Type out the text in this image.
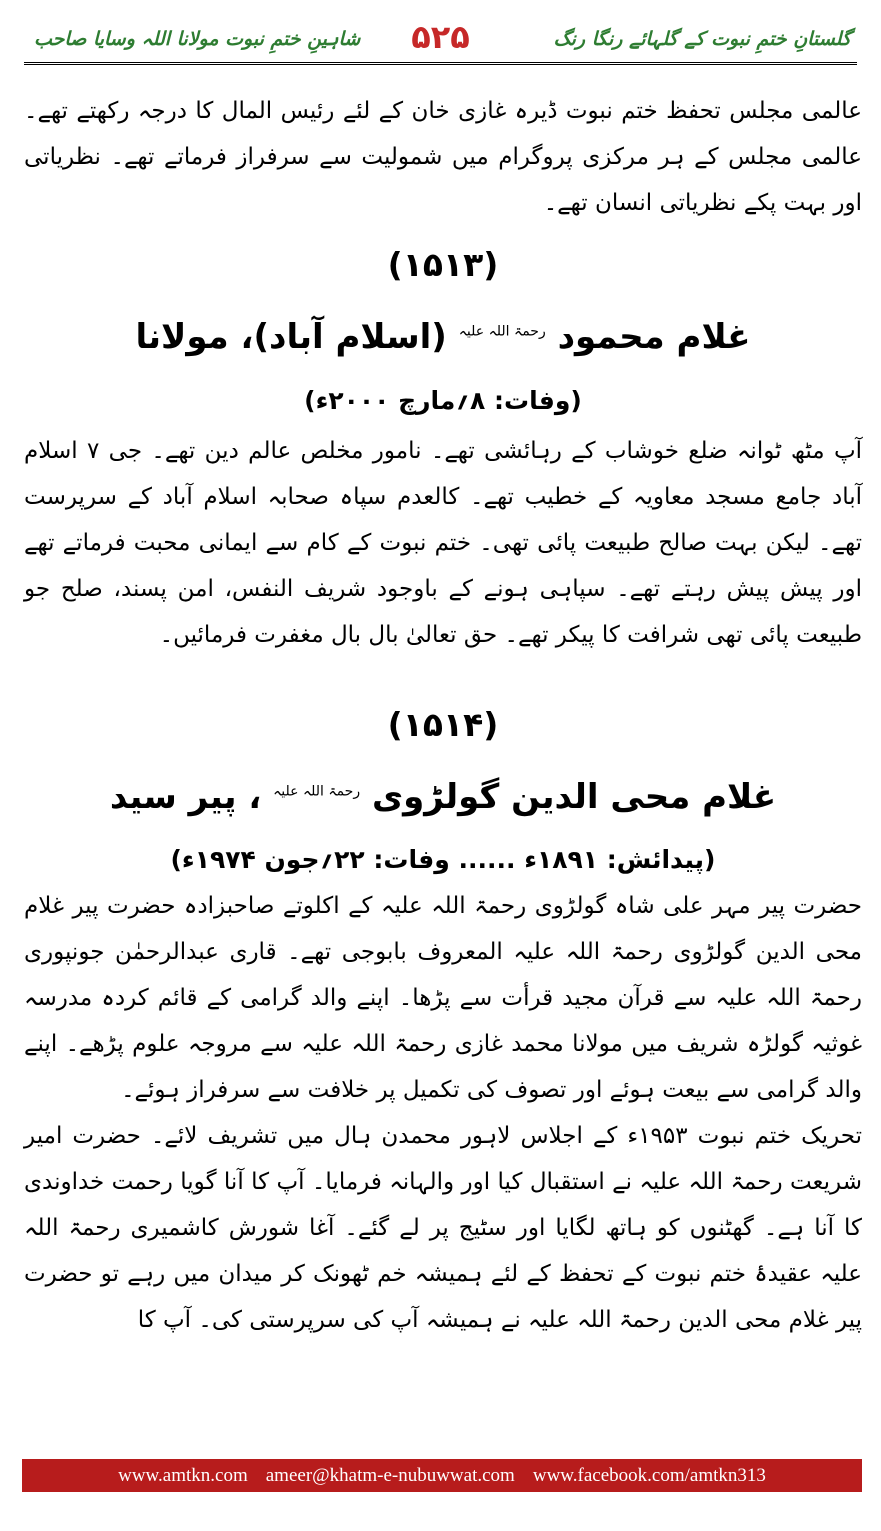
گلستانِ ختمِ نبوت کے گلہائے رنگا رنگ
۵۲۵
شاہینِ ختمِ نبوت مولانا اللہ وسایا صاحب

عالمی مجلس تحفظ ختم نبوت ڈیرہ غازی خان کے لئے رئیس المال کا درجہ رکھتے تھے۔ عالمی مجلس کے ہر مرکزی پروگرام میں شمولیت سے سرفراز فرماتے تھے۔ نظریاتی اور بہت پکے نظریاتی انسان تھے۔

(۱۵۱۳)

غلام محمود $^{رحمۃ اللہ علیہ}$ (اسلام آباد)، مولانا

(وفات: ۸؍مارچ ۲۰۰۰ء)

آپ مٹھ ٹوانہ ضلع خوشاب کے رہائشی تھے۔ نامور مخلص عالم دین تھے۔ جی ۷ اسلام آباد جامع مسجد معاویہ کے خطیب تھے۔ کالعدم سپاہ صحابہ اسلام آباد کے سرپرست تھے۔ لیکن بہت صالح طبیعت پائی تھی۔ ختم نبوت کے کام سے ایمانی محبت فرماتے تھے اور پیش پیش رہتے تھے۔ سپاہی ہونے کے باوجود شریف النفس، امن پسند، صلح جو طبیعت پائی تھی شرافت کا پیکر تھے۔ حق تعالیٰ بال بال مغفرت فرمائیں۔

(۱۵۱۴)

غلام محی الدین گولڑوی $^{رحمۃ اللہ علیہ}$ ، پیر سید

(پیدائش: ۱۸۹۱ء ...... وفات: ۲۲؍جون ۱۹۷۴ء)

حضرت پیر مہر علی شاہ گولڑوی رحمۃ اللہ علیہ کے اکلوتے صاحبزادہ حضرت پیر غلام محی الدین گولڑوی رحمۃ اللہ علیہ المعروف بابوجی تھے۔ قاری عبدالرحمٰن جونپوری رحمۃ اللہ علیہ سے قرآن مجید قرأت سے پڑھا۔ اپنے والد گرامی کے قائم کردہ مدرسہ غوثیہ گولڑہ شریف میں مولانا محمد غازی رحمۃ اللہ علیہ سے مروجہ علوم پڑھے۔ اپنے والد گرامی سے بیعت ہوئے اور تصوف کی تکمیل پر خلافت سے سرفراز ہوئے۔

تحریک ختم نبوت ۱۹۵۳ء کے اجلاس لاہور محمدن ہال میں تشریف لائے۔ حضرت امیر شریعت رحمۃ اللہ علیہ نے استقبال کیا اور والہانہ فرمایا۔ آپ کا آنا گویا رحمت خداوندی کا آنا ہے۔ گھٹنوں کو ہاتھ لگایا اور سٹیج پر لے گئے۔ آغا شورش کاشمیری رحمۃ اللہ علیہ عقیدۂ ختم نبوت کے تحفظ کے لئے ہمیشہ خم ٹھونک کر میدان میں رہے تو حضرت پیر غلام محی الدین رحمۃ اللہ علیہ نے ہمیشہ آپ کی سرپرستی کی۔ آپ کا

www.amtkn.com ameer@khatm-e-nubuwwat.com www.facebook.com/amtkn313
